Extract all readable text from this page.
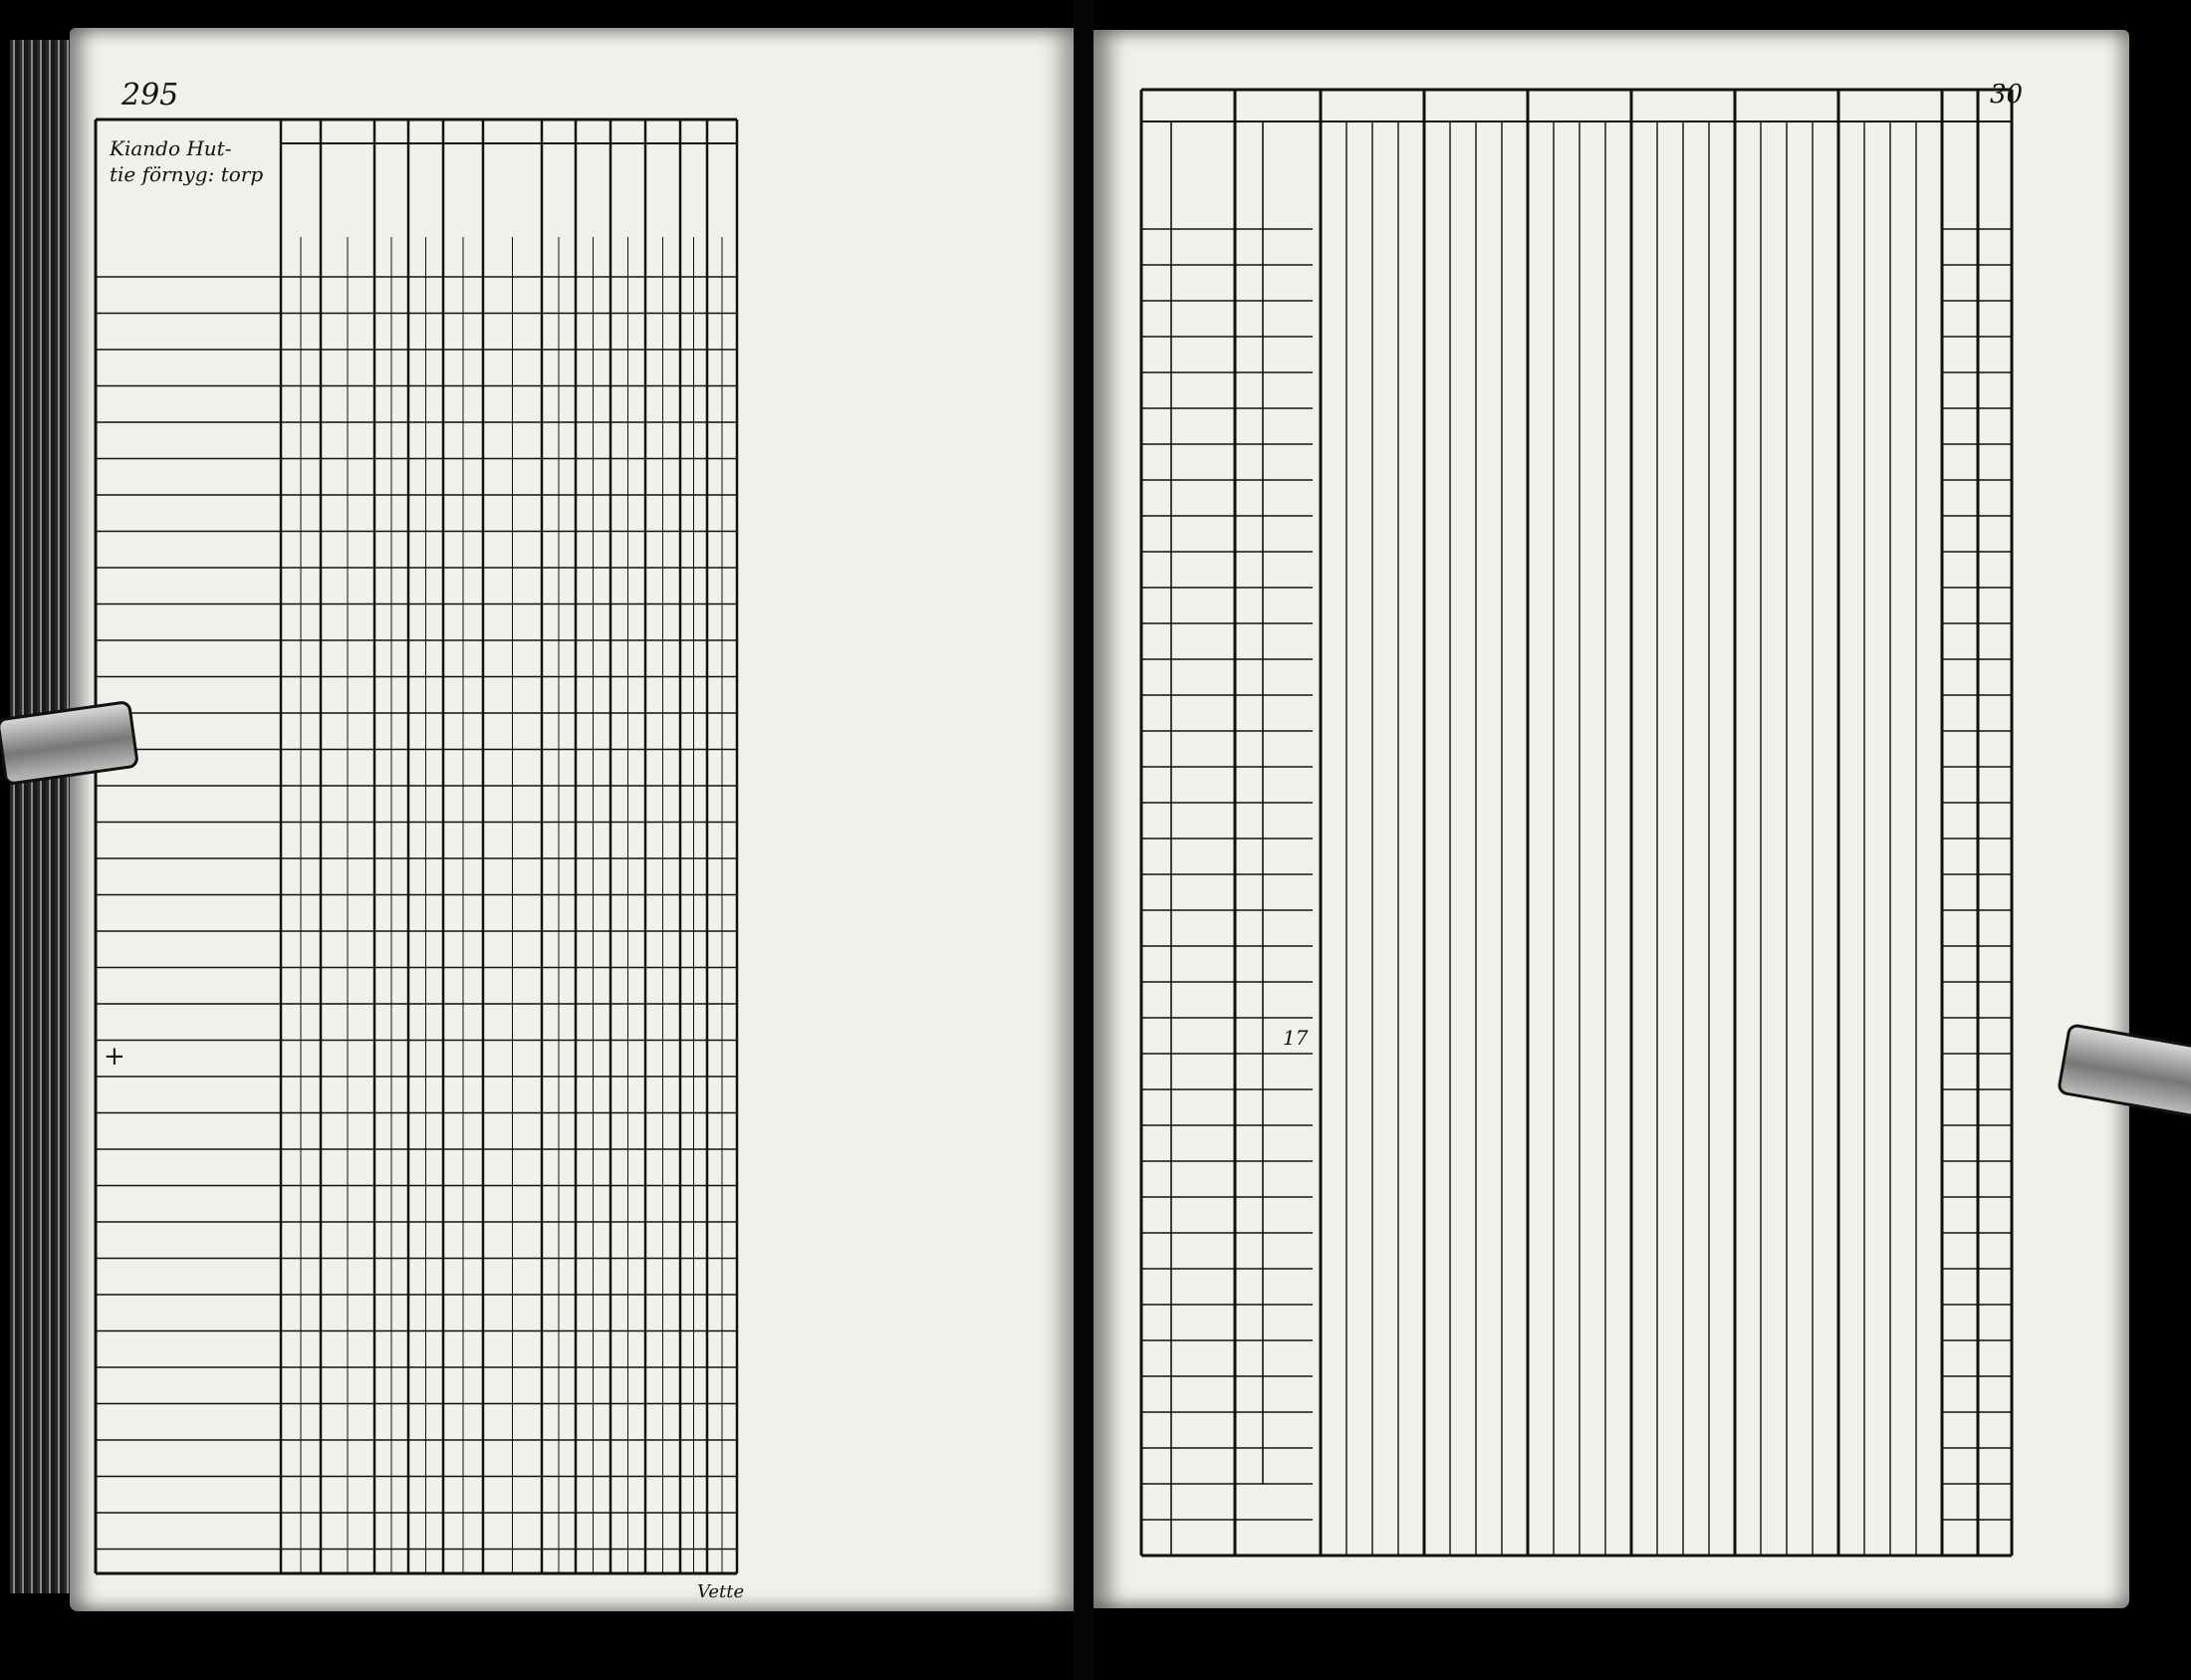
295
Kiando Hut-
tie förnyg: torp
+
Vette
30
17
